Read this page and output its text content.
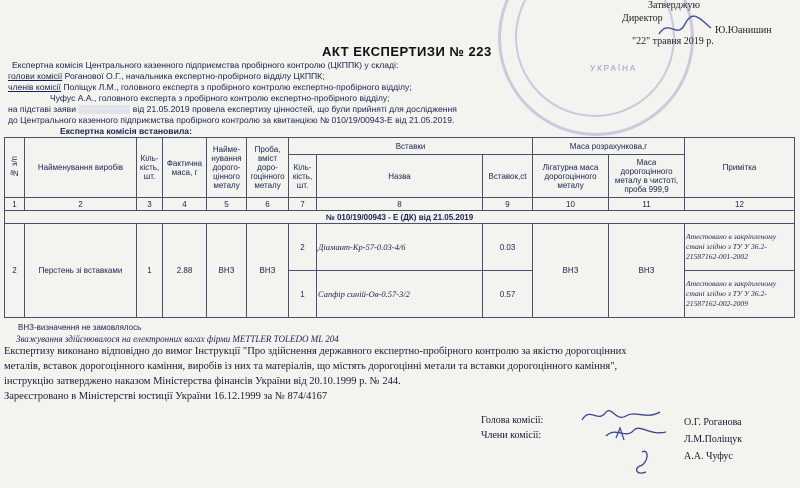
УКРАЇНА
Затверджую
Директор
Ю.Юанишин
"22" травня 2019 р.
АКТ ЕКСПЕРТИЗИ № 223
Експертна комісія Центрального казенного підприємства пробірного контролю (ЦКППК) у складі:
голови комісії Роганової О.Г., начальника експертно-пробірного відділу ЦКППК;
членів комісії Поліщук Л.М., головного експерта з пробірного контролю експертно-пробірного відділу;
Чуфус А.А., головного експерта з пробірного контролю експертно-пробірного відділу;
на підставі заяви	від 21.05.2019 провела експертизу цінностей, що були прийняті для дослідження
до Центрального казенного підприємства пробірного контролю за квитанцією № 010/19/00943-Е від 21.05.2019.
Експертна комісія встановила:
№ з/п	Найменування виробів	Кіль-кість, шт.	Фактична маса, г	Найме-нування дорого-цінного металу	Проба, вміст доро-гоцінного металу	Вставки			Маса розрахункова,г		Примітка
						Кіль-кість, шт.	Назва	Вставок,ct	Лігатурна маса дорогоцінного металу	Маса дорогоцінного металу в чистоті, проба 999,9	
1	2	3	4	5	6	7	8	9	10	11	12
№ 010/19/00943 - Е (ДК) від 21.05.2019											
2	Перстень зі вставками	1	2.88	ВНЗ	ВНЗ	2	Діамант-Кр-57-0.03-4/6	0.03	ВНЗ	ВНЗ	Атестовано в закріпленому стані згідно з ТУ У 36.2-21587162-001-2002
						1	Сапфір синій-Ов-0.57-3/2	0.57			Атестовано в закріпленому стані згідно з ТУ У 36.2-21587162-002-2009
ВНЗ-визначення не замовлялось
Зважування здійснювалося на електронних вагах фірми METTLER TOLEDO ML 204
Експертизу виконано відповідно до вимог Інструкції "Про здійснення державного експертно-пробірного контролю за якістю дорогоцінних
металів, вставок дорогоцінного каміння, виробів із них та матеріалів, що містять дорогоцінні метали та вставки дорогоцінного каміння",
інструкцію затверджено наказом Міністерства фінансів України від 20.10.1999 р. № 244.
Зареєстровано в Міністерстві юстиції України 16.12.1999 за № 874/4167
Голова комісії:
Члени комісії:
О.Г. Роганова
Л.М.Поліщук
А.А. Чуфус
